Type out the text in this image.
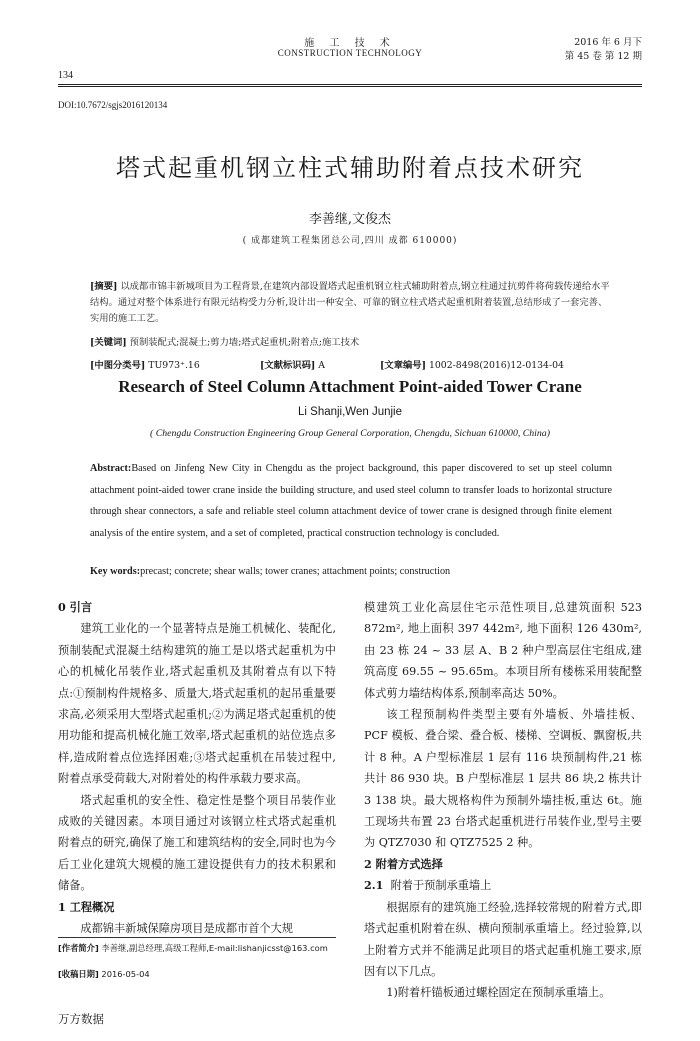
施 工 技 术
CONSTRUCTION TECHNOLOGY
2016 年 6 月下
第 45 卷 第 12 期
134
DOI:10.7672/sgjs2016120134
塔式起重机钢立柱式辅助附着点技术研究
李善继,文俊杰
( 成都建筑工程集团总公司,四川 成都 610000)
[摘要] 以成都市锦丰新城项目为工程背景,在建筑内部设置塔式起重机钢立柱式辅助附着点,钢立柱通过抗剪件将荷载传递给水平结构。通过对整个体系进行有限元结构受力分析,设计出一种安全、可靠的钢立柱式塔式起重机附着装置,总结形成了一套完善、实用的施工工艺。
[关键词] 预制装配式;混凝土;剪力墙;塔式起重机;附着点;施工技术
[中图分类号] TU973⁺.16	[文献标识码] A	[文章编号] 1002-8498(2016)12-0134-04
Research of Steel Column Attachment Point-aided Tower Crane
Li Shanji,Wen Junjie
( Chengdu Construction Engineering Group General Corporation, Chengdu, Sichuan 610000, China)
Abstract:Based on Jinfeng New City in Chengdu as the project background, this paper discovered to set up steel column attachment point-aided tower crane inside the building structure, and used steel column to transfer loads to horizontal structure through shear connectors, a safe and reliable steel column attachment device of tower crane is designed through finite element analysis of the entire system, and a set of completed, practical construction technology is concluded.
Key words:precast; concrete; shear walls; tower cranes; attachment points; construction
0 引言

建筑工业化的一个显著特点是施工机械化、装配化,预制装配式混凝土结构建筑的施工是以塔式起重机为中心的机械化吊装作业,塔式起重机及其附着点有以下特点:①预制构件规格多、质量大,塔式起重机的起吊重量要求高,必须采用大型塔式起重机;②为满足塔式起重机的使用功能和提高机械化施工效率,塔式起重机的站位选点多样,造成附着点位选择困难;③塔式起重机在吊装过程中,附着点承受荷载大,对附着处的构件承载力要求高。

塔式起重机的安全性、稳定性是整个项目吊装作业成败的关键因素。本项目通过对该钢立柱式塔式起重机附着点的研究,确保了施工和建筑结构的安全,同时也为今后工业化建筑大规模的施工建设提供有力的技术积累和储备。

1 工程概况

成都锦丰新城保障房项目是成都市首个大规

模建筑工业化高层住宅示范性项目,总建筑面积 523 872m², 地上面积 397 442m², 地下面积 126 430m²,由 23 栋 24 ~ 33 层 A、B 2 种户型高层住宅组成,建筑高度 69.55 ~ 95.65m。本项目所有楼栋采用装配整体式剪力墙结构体系,预制率高达 50%。

该工程预制构件类型主要有外墙板、外墙挂板、PCF 模板、叠合梁、叠合板、楼梯、空调板、飘窗板,共计 8 种。A 户型标准层 1 层有 116 块预制构件,21 栋共计 86 930 块。B 户型标准层 1 层共 86 块,2 栋共计 3 138 块。最大规格构件为预制外墙挂板,重达 6t。施工现场共布置 23 台塔式起重机进行吊装作业,型号主要为 QTZ7030 和 QTZ7525 2 种。

2 附着方式选择
2.1 附着于预制承重墙上

根据原有的建筑施工经验,选择较常规的附着方式,即塔式起重机附着在纵、横向预制承重墙上。经过验算,以上附着方式并不能满足此项目的塔式起重机施工要求,原因有以下几点。

1)附着杆锚板通过螺栓固定在预制承重墙上。

[作者简介] 李善继,副总经理,高级工程师,E-mail:lishanjicsst@163.com
[收稿日期] 2016-05-04
万方数据
